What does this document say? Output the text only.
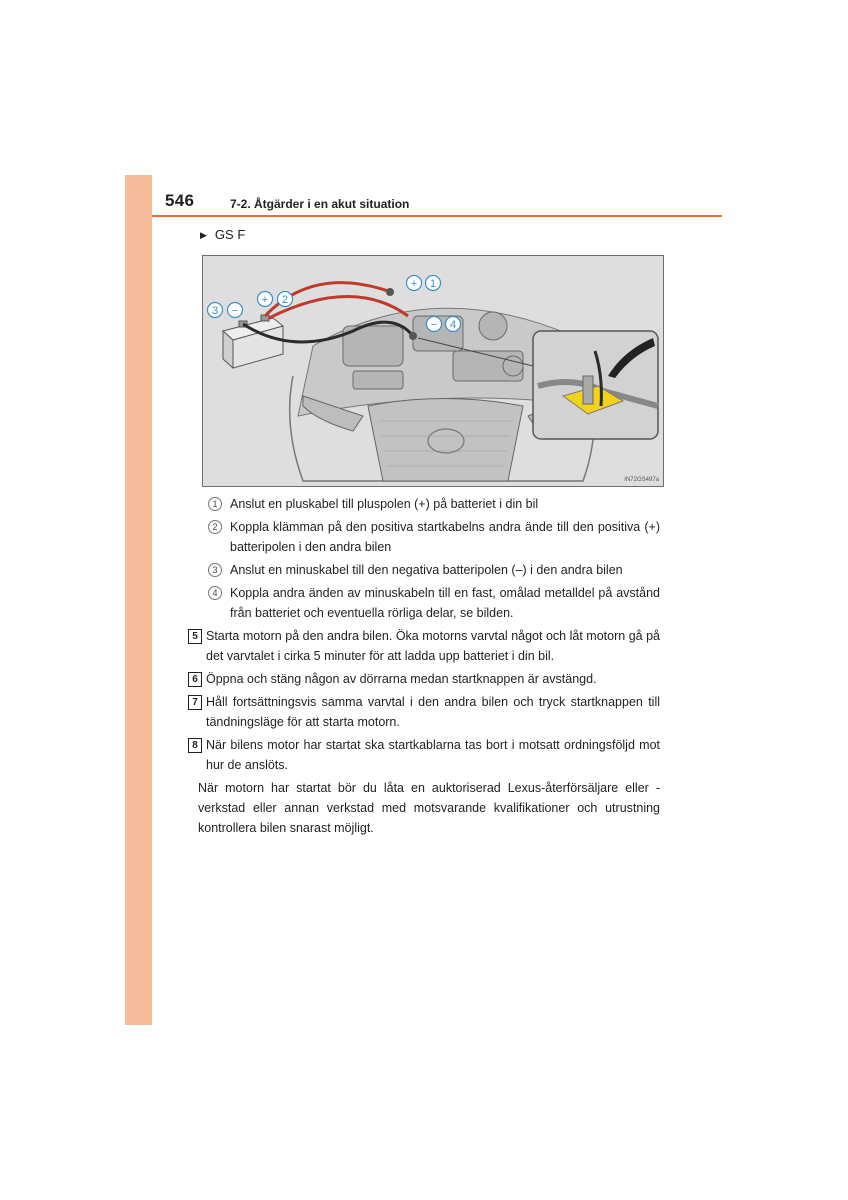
546	7-2. Åtgärder i en akut situation
▶ GS F
+ 1
+ 2
3 −
− 4
IN72GS497a
1	Anslut en pluskabel till pluspolen (+) på batteriet i din bil
2	Koppla klämman på den positiva startkabelns andra ände till den positiva (+) batteripolen i den andra bilen
3	Anslut en minuskabel till den negativa batteripolen (–) i den andra bilen
4	Koppla andra änden av minuskabeln till en fast, omålad metalldel på avstånd från batteriet och eventuella rörliga delar, se bilden.
5 Starta motorn på den andra bilen. Öka motorns varvtal något och låt motorn gå på det varvtalet i cirka 5 minuter för att ladda upp batteriet i din bil.
6 Öppna och stäng någon av dörrarna medan startknappen är avstängd.
7 Håll fortsättningsvis samma varvtal i den andra bilen och tryck startknappen till tändningsläge för att starta motorn.
8 När bilens motor har startat ska startkablarna tas bort i motsatt ordningsföljd mot hur de anslöts.
När motorn har startat bör du låta en auktoriserad Lexus-återförsäljare eller -verkstad eller annan verkstad med motsvarande kvalifikationer och utrustning kontrollera bilen snarast möjligt.
